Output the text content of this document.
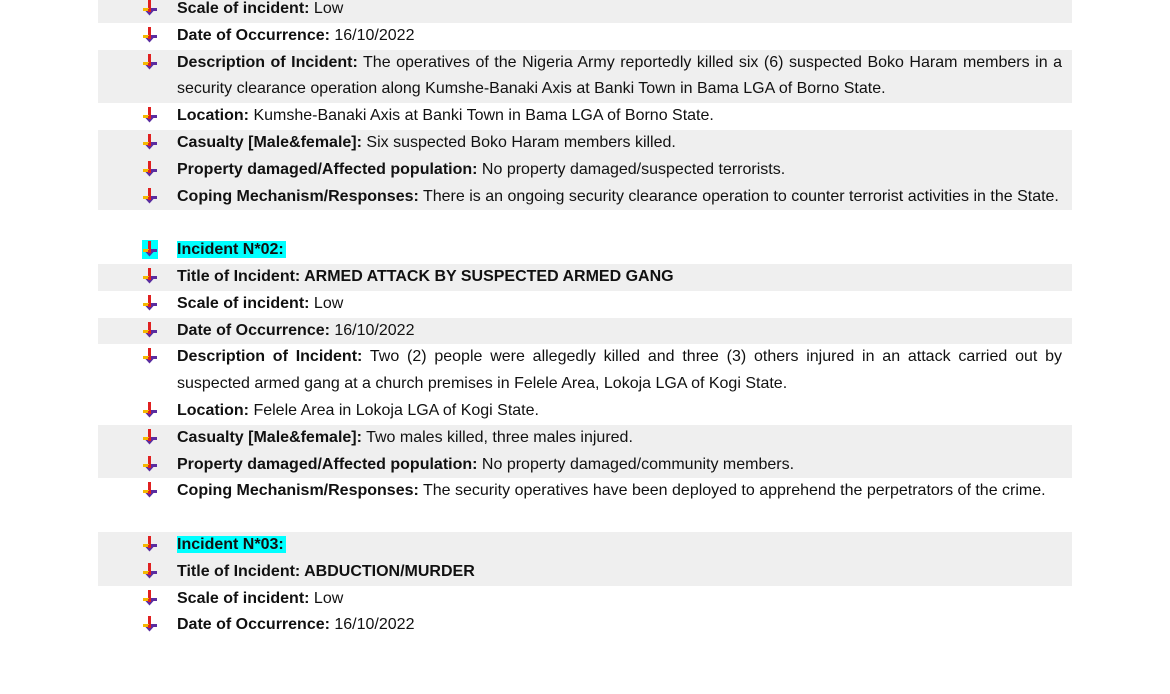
Scale of incident: Low
Date of Occurrence: 16/10/2022
Description of Incident: The operatives of the Nigeria Army reportedly killed six (6) suspected Boko Haram members in a security clearance operation along Kumshe-Banaki Axis at Banki Town in Bama LGA of Borno State.
Location: Kumshe-Banaki Axis at Banki Town in Bama LGA of Borno State.
Casualty [Male&female]: Six suspected Boko Haram members killed.
Property damaged/Affected population: No property damaged/suspected terrorists.
Coping Mechanism/Responses: There is an ongoing security clearance operation to counter terrorist activities in the State.
Incident N*02:
Title of Incident: ARMED ATTACK BY SUSPECTED ARMED GANG
Scale of incident: Low
Date of Occurrence: 16/10/2022
Description of Incident: Two (2) people were allegedly killed and three (3) others injured in an attack carried out by suspected armed gang at a church premises in Felele Area, Lokoja LGA of Kogi State.
Location: Felele Area in Lokoja LGA of Kogi State.
Casualty [Male&female]: Two males killed, three males injured.
Property damaged/Affected population: No property damaged/community members.
Coping Mechanism/Responses: The security operatives have been deployed to apprehend the perpetrators of the crime.
Incident N*03:
Title of Incident: ABDUCTION/MURDER
Scale of incident: Low
Date of Occurrence: 16/10/2022
